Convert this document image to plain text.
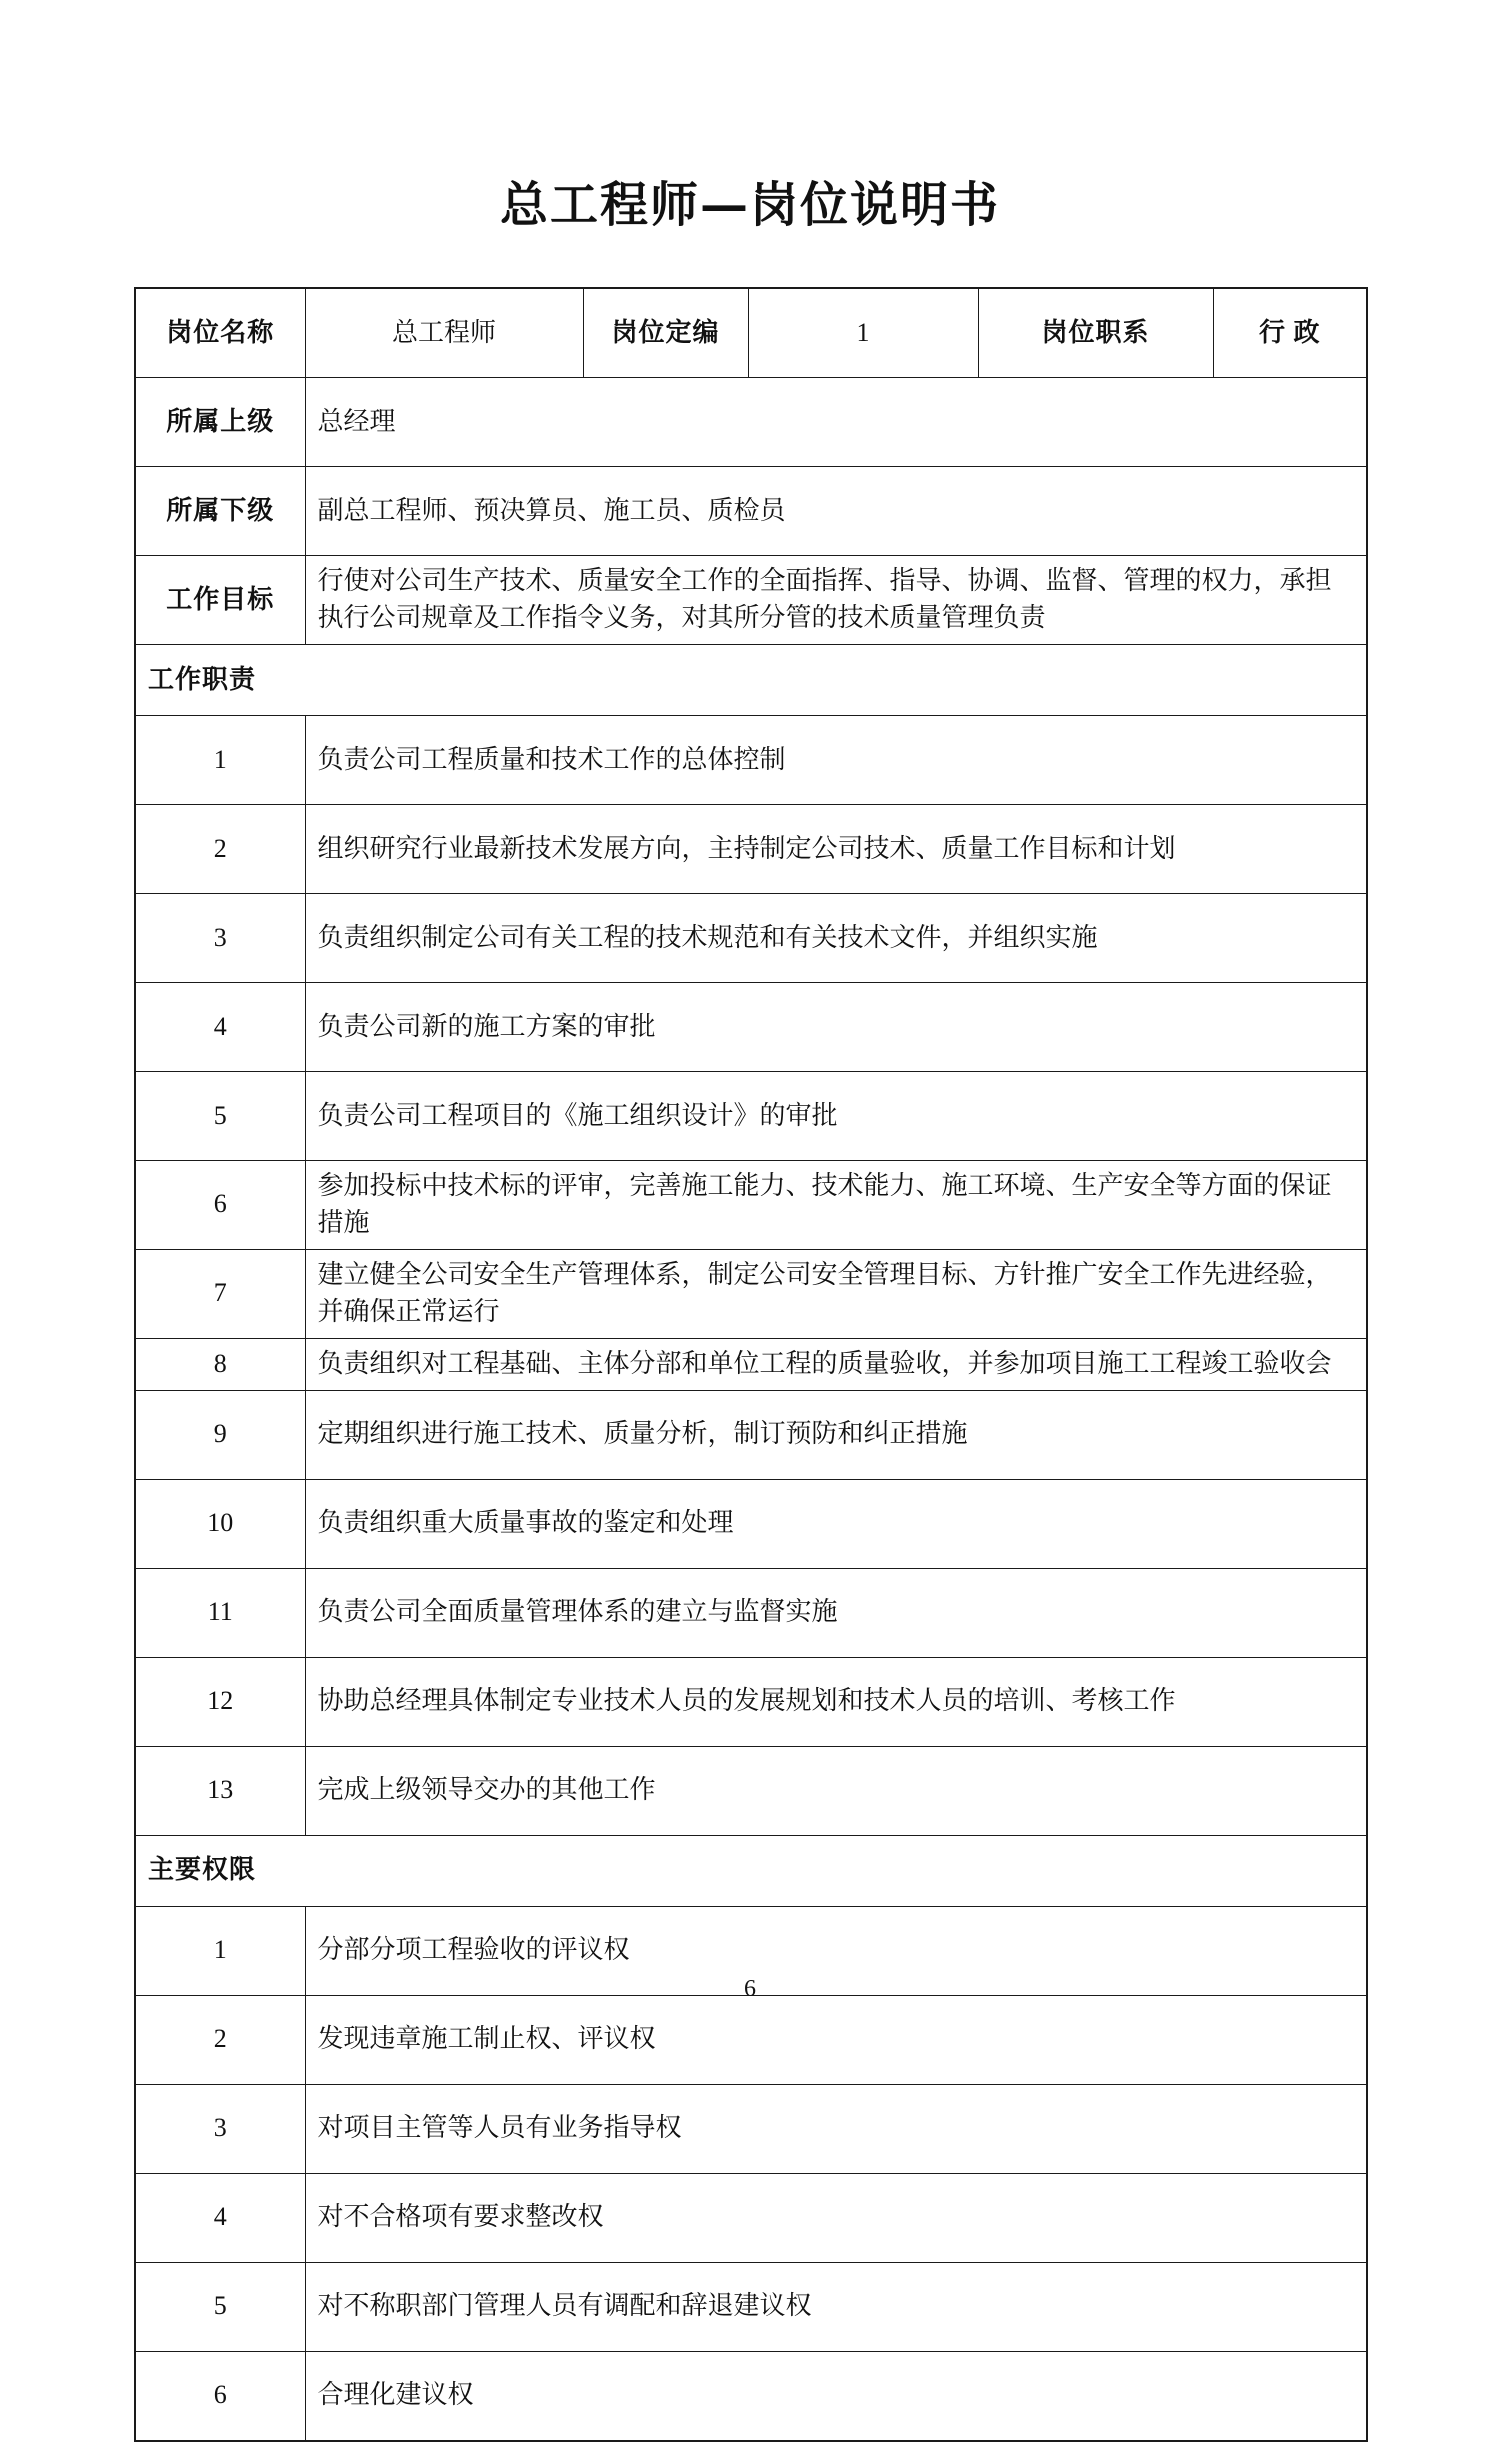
总工程师—岗位说明书
岗位名称	总工程师	岗位定编	1	岗位职系	行 政
所属上级	总经理				
所属下级	副总工程师、预决算员、施工员、质检员				
工作目标	行使对公司生产技术、质量安全工作的全面指挥、指导、协调、监督、管理的权力，承担执行公司规章及工作指令义务，对其所分管的技术质量管理负责				
工作职责					
1	负责公司工程质量和技术工作的总体控制				
2	组织研究行业最新技术发展方向，主持制定公司技术、质量工作目标和计划				
3	负责组织制定公司有关工程的技术规范和有关技术文件，并组织实施				
4	负责公司新的施工方案的审批				
5	负责公司工程项目的《施工组织设计》的审批				
6	参加投标中技术标的评审，完善施工能力、技术能力、施工环境、生产安全等方面的保证措施				
7	建立健全公司安全生产管理体系，制定公司安全管理目标、方针推广安全工作先进经验，并确保正常运行				
8	负责组织对工程基础、主体分部和单位工程的质量验收，并参加项目施工工程竣工验收会				
9	定期组织进行施工技术、质量分析，制订预防和纠正措施				
10	负责组织重大质量事故的鉴定和处理				
11	负责公司全面质量管理体系的建立与监督实施				
12	协助总经理具体制定专业技术人员的发展规划和技术人员的培训、考核工作				
13	完成上级领导交办的其他工作				
主要权限					
1	分部分项工程验收的评议权				
2	发现违章施工制止权、评议权				
3	对项目主管等人员有业务指导权				
4	对不合格项有要求整改权				
5	对不称职部门管理人员有调配和辞退建议权				
6	合理化建议权				
6
